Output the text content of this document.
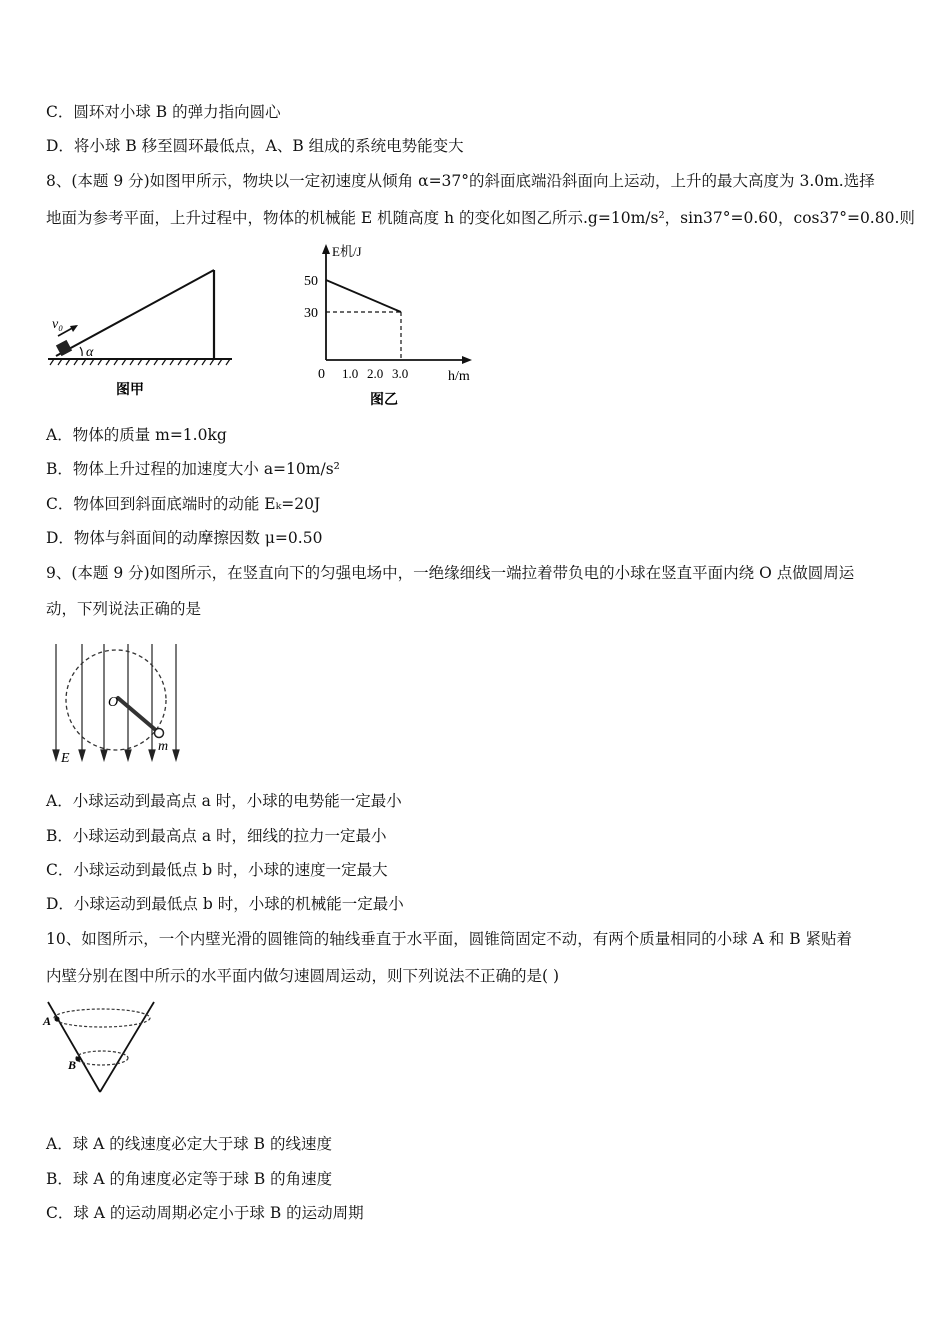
C．圆环对小球 B 的弹力指向圆心
D．将小球 B 移至圆环最低点，A、B 组成的系统电势能变大
8、(本题 9 分)如图甲所示，物块以一定初速度从倾角 α=37°的斜面底端沿斜面向上运动，上升的最大高度为 3.0m.选择
地面为参考平面，上升过程中，物体的机械能 E 机随高度 h 的变化如图乙所示.g=10m/s²，sin37°=0.60，cos37°=0.80.则
v₀
α
图甲
E机/J
h/m
0
30
50
1.0 2.0 3.0
图乙
A．物体的质量 m=1.0kg
B．物体上升过程的加速度大小 a=10m/s²
C．物体回到斜面底端时的动能 Eₖ=20J
D．物体与斜面间的动摩擦因数 μ=0.50
9、(本题 9 分)如图所示，在竖直向下的匀强电场中，一绝缘细线一端拉着带负电的小球在竖直平面内绕 O 点做圆周运
动，下列说法正确的是
O
m
E
A．小球运动到最高点 a 时，小球的电势能一定最小
B．小球运动到最高点 a 时，细线的拉力一定最小
C．小球运动到最低点 b 时，小球的速度一定最大
D．小球运动到最低点 b 时，小球的机械能一定最小
10、如图所示，一个内壁光滑的圆锥筒的轴线垂直于水平面，圆锥筒固定不动，有两个质量相同的小球 A 和 B 紧贴着
内壁分别在图中所示的水平面内做匀速圆周运动，则下列说法不正确的是( )
A
B
A．球 A 的线速度必定大于球 B 的线速度
B．球 A 的角速度必定等于球 B 的角速度
C．球 A 的运动周期必定小于球 B 的运动周期
